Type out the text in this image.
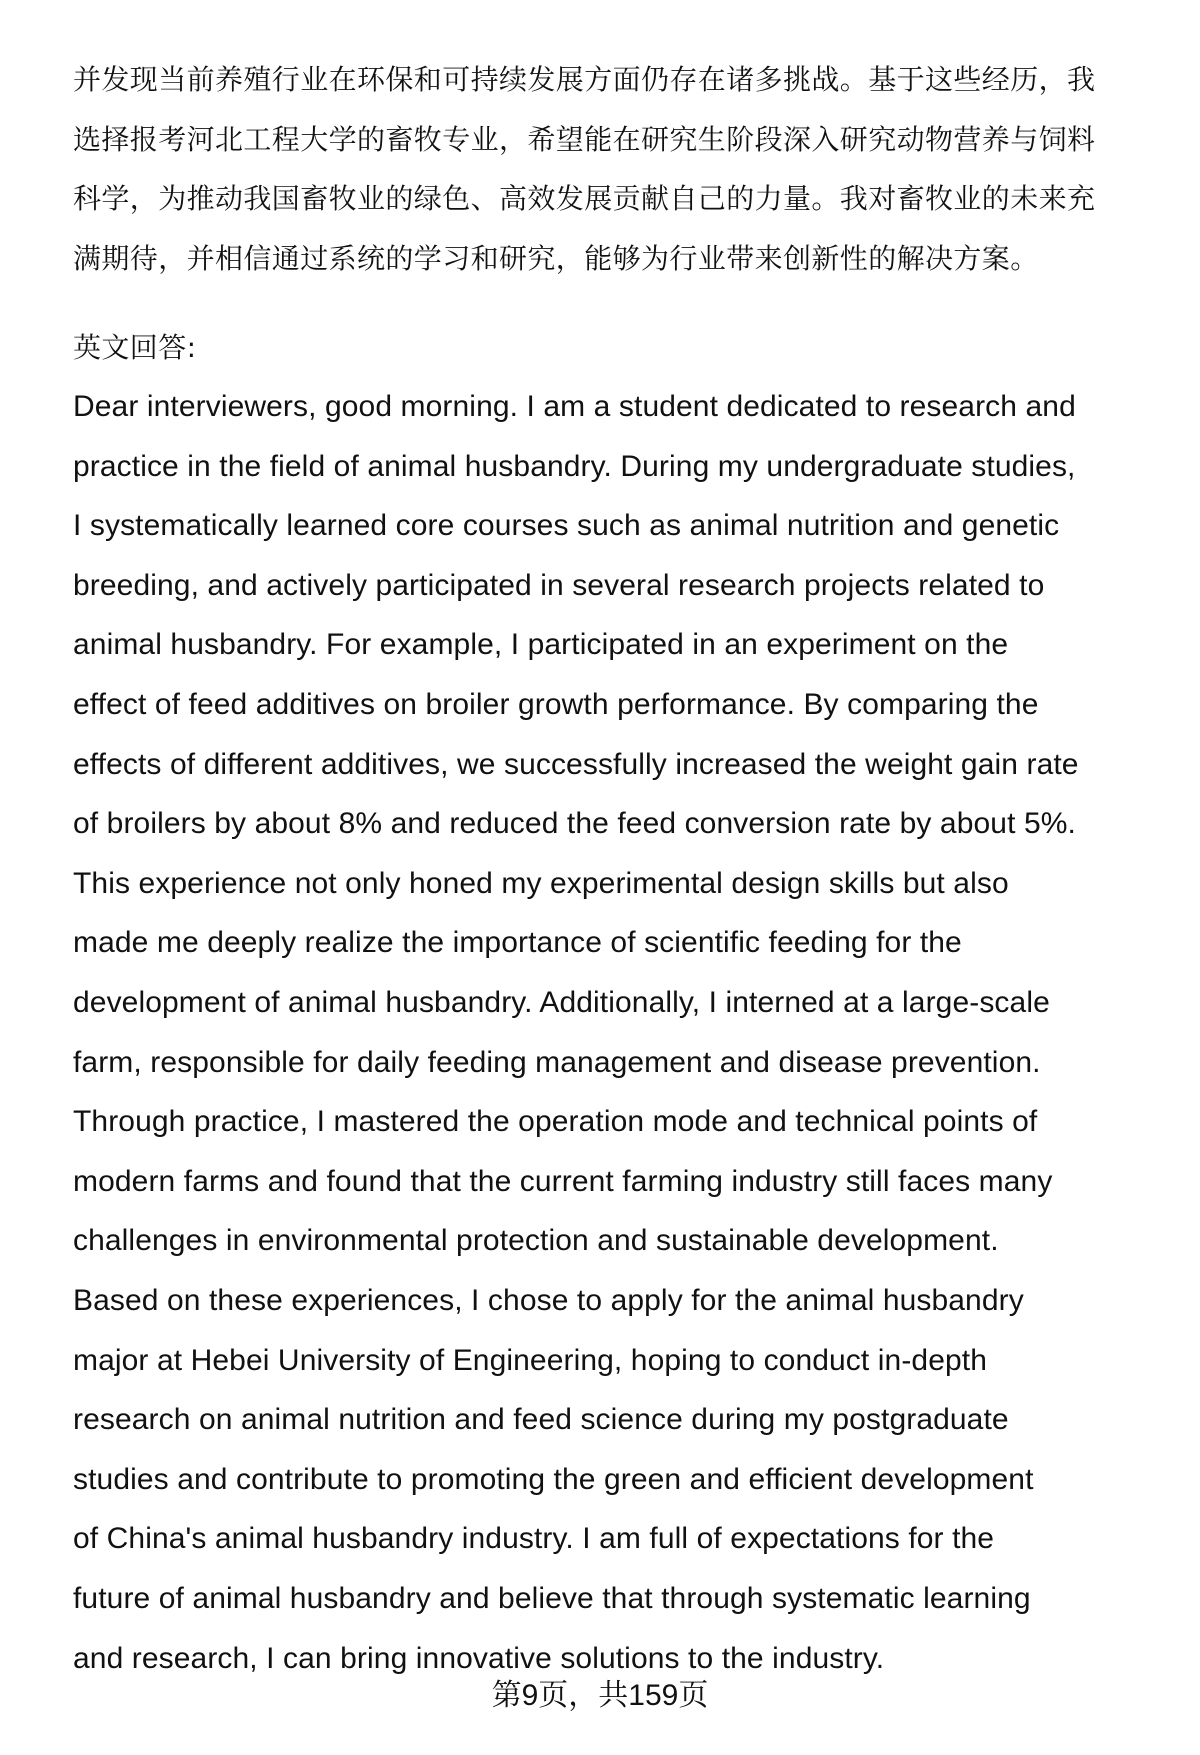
并发现当前养殖行业在环保和可持续发展方面仍存在诸多挑战。基于这些经历，我
选择报考河北工程大学的畜牧专业，希望能在研究生阶段深入研究动物营养与饲料
科学，为推动我国畜牧业的绿色、高效发展贡献自己的力量。我对畜牧业的未来充
满期待，并相信通过系统的学习和研究，能够为行业带来创新性的解决方案。
英文回答:
Dear interviewers, good morning. I am a student dedicated to research and
practice in the field of animal husbandry. During my undergraduate studies,
I systematically learned core courses such as animal nutrition and genetic
breeding, and actively participated in several research projects related to
animal husbandry. For example, I participated in an experiment on the
effect of feed additives on broiler growth performance. By comparing the
effects of different additives, we successfully increased the weight gain rate
of broilers by about 8% and reduced the feed conversion rate by about 5%.
This experience not only honed my experimental design skills but also
made me deeply realize the importance of scientific feeding for the
development of animal husbandry. Additionally, I interned at a large-scale
farm, responsible for daily feeding management and disease prevention.
Through practice, I mastered the operation mode and technical points of
modern farms and found that the current farming industry still faces many
challenges in environmental protection and sustainable development.
Based on these experiences, I chose to apply for the animal husbandry
major at Hebei University of Engineering, hoping to conduct in-depth
research on animal nutrition and feed science during my postgraduate
studies and contribute to promoting the green and efficient development
of China's animal husbandry industry. I am full of expectations for the
future of animal husbandry and believe that through systematic learning
and research, I can bring innovative solutions to the industry.
第9页，共159页
